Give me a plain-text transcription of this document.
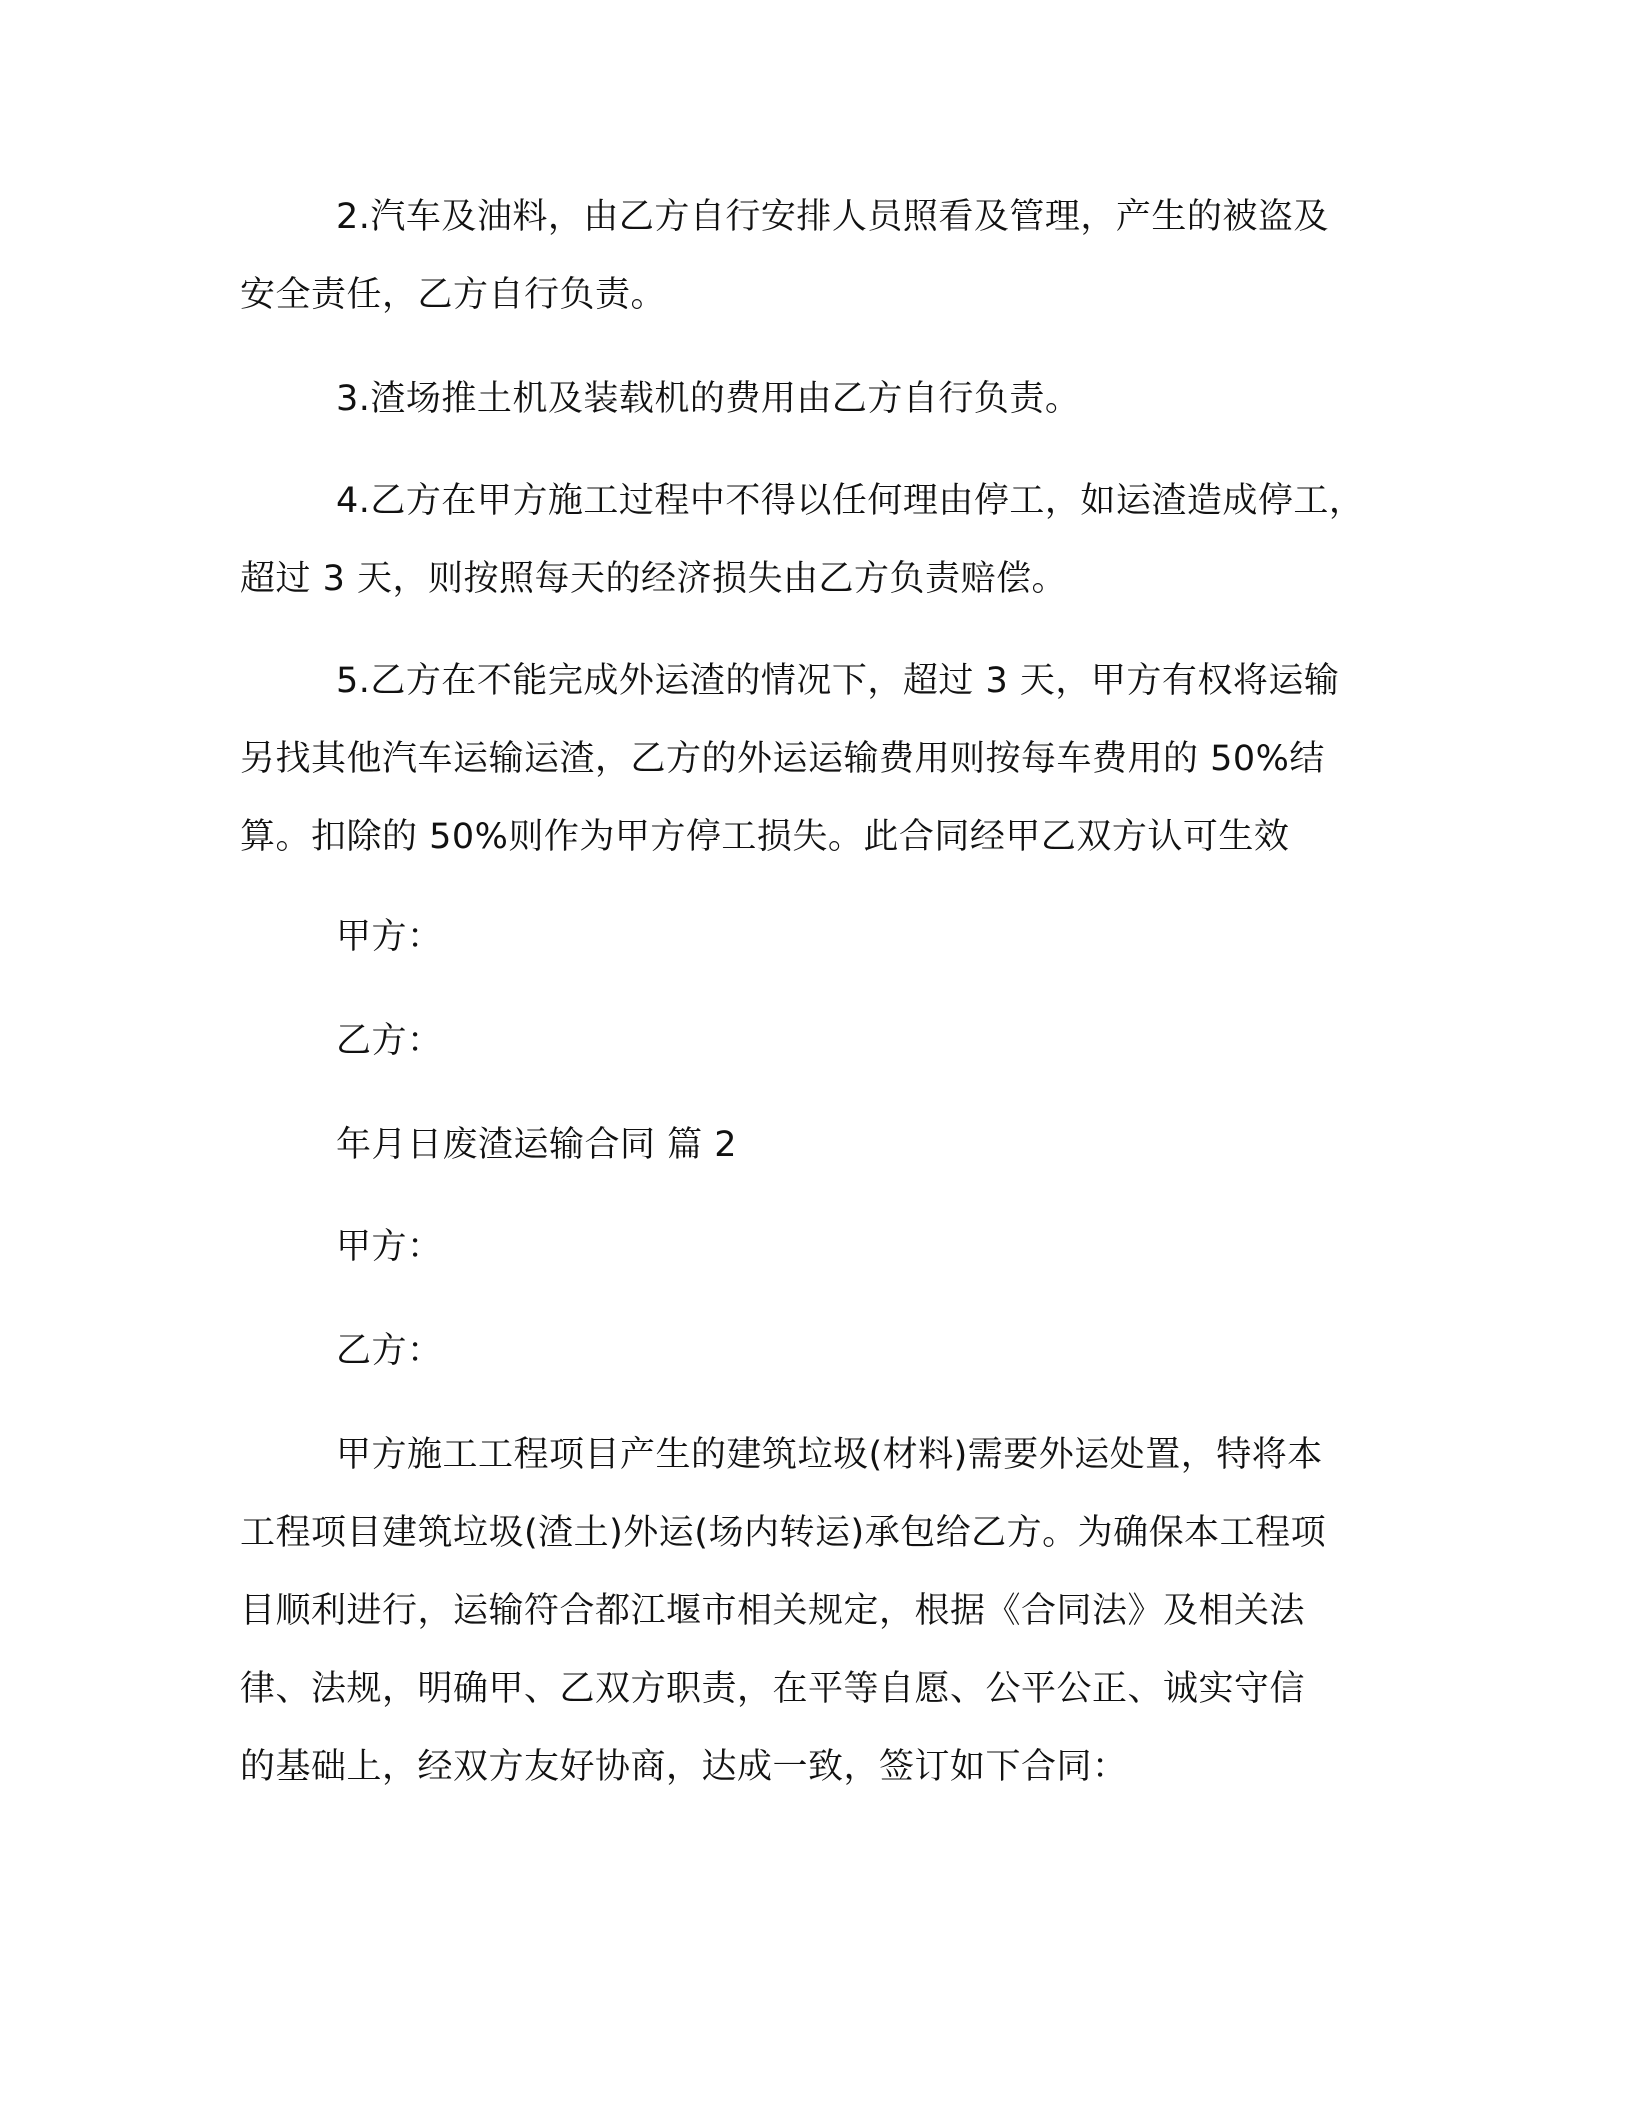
2.汽车及油料，由乙方自行安排人员照看及管理，产生的被盗及
安全责任，乙方自行负责。
3.渣场推土机及装载机的费用由乙方自行负责。
4.乙方在甲方施工过程中不得以任何理由停工，如运渣造成停工，
超过 3 天，则按照每天的经济损失由乙方负责赔偿。
5.乙方在不能完成外运渣的情况下，超过 3 天，甲方有权将运输
另找其他汽车运输运渣，乙方的外运运输费用则按每车费用的 50%结
算。扣除的 50%则作为甲方停工损失。此合同经甲乙双方认可生效
甲方：
乙方：
年月日废渣运输合同 篇 2
甲方：
乙方：
甲方施工工程项目产生的建筑垃圾(材料)需要外运处置，特将本
工程项目建筑垃圾(渣土)外运(场内转运)承包给乙方。为确保本工程项
目顺利进行，运输符合都江堰市相关规定，根据《合同法》及相关法
律、法规，明确甲、乙双方职责，在平等自愿、公平公正、诚实守信
的基础上，经双方友好协商，达成一致，签订如下合同：
